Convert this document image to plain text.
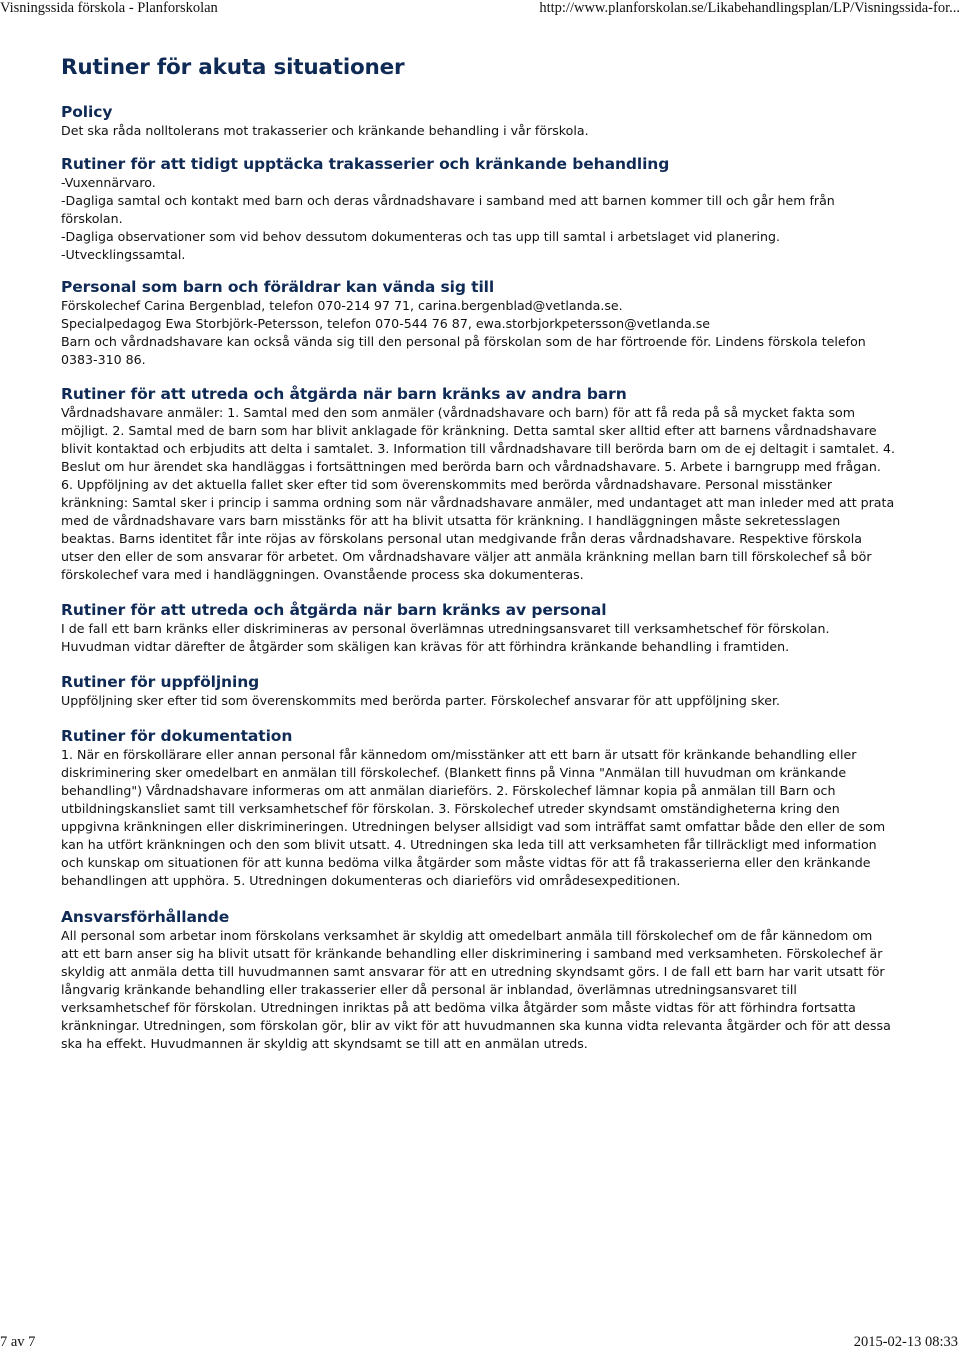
Visningssida förskola - Planforskolan	http://www.planforskolan.se/Likabehandlingsplan/LP/Visningssida-for...
Rutiner för akuta situationer
Policy

Det ska råda nolltolerans mot trakasserier och kränkande behandling i vår förskola.

Rutiner för att tidigt upptäcka trakasserier och kränkande behandling

-Vuxennärvaro.

-Dagliga samtal och kontakt med barn och deras vårdnadshavare i samband med att barnen kommer till och går hem från

förskolan.

-Dagliga observationer som vid behov dessutom dokumenteras och tas upp till samtal i arbetslaget vid planering.

-Utvecklingssamtal.

Personal som barn och föräldrar kan vända sig till

Förskolechef Carina Bergenblad, telefon 070-214 97 71, carina.bergenblad@vetlanda.se.

Specialpedagog Ewa Storbjörk-Petersson, telefon 070-544 76 87, ewa.storbjorkpetersson@vetlanda.se

Barn och vårdnadshavare kan också vända sig till den personal på förskolan som de har förtroende för. Lindens förskola telefon

0383-310 86.

Rutiner för att utreda och åtgärda när barn kränks av andra barn

Vårdnadshavare anmäler: 1. Samtal med den som anmäler (vårdnadshavare och barn) för att få reda på så mycket fakta som

möjligt. 2. Samtal med de barn som har blivit anklagade för kränkning. Detta samtal sker alltid efter att barnens vårdnadshavare

blivit kontaktad och erbjudits att delta i samtalet. 3. Information till vårdnadshavare till berörda barn om de ej deltagit i samtalet. 4.

Beslut om hur ärendet ska handläggas i fortsättningen med berörda barn och vårdnadshavare. 5. Arbete i barngrupp med frågan.

6. Uppföljning av det aktuella fallet sker efter tid som överenskommits med berörda vårdnadshavare. Personal misstänker

kränkning: Samtal sker i princip i samma ordning som när vårdnadshavare anmäler, med undantaget att man inleder med att prata

med de vårdnadshavare vars barn misstänks för att ha blivit utsatta för kränkning. I handläggningen måste sekretesslagen

beaktas. Barns identitet får inte röjas av förskolans personal utan medgivande från deras vårdnadshavare. Respektive förskola

utser den eller de som ansvarar för arbetet. Om vårdnadshavare väljer att anmäla kränkning mellan barn till förskolechef så bör

förskolechef vara med i handläggningen. Ovanstående process ska dokumenteras.

Rutiner för att utreda och åtgärda när barn kränks av personal

I de fall ett barn kränks eller diskrimineras av personal överlämnas utredningsansvaret till verksamhetschef för förskolan.

Huvudman vidtar därefter de åtgärder som skäligen kan krävas för att förhindra kränkande behandling i framtiden.

Rutiner för uppföljning

Uppföljning sker efter tid som överenskommits med berörda parter. Förskolechef ansvarar för att uppföljning sker.

Rutiner för dokumentation

1. När en förskollärare eller annan personal får kännedom om/misstänker att ett barn är utsatt för kränkande behandling eller

diskriminering sker omedelbart en anmälan till förskolechef. (Blankett finns på Vinna "Anmälan till huvudman om kränkande

behandling") Vårdnadshavare informeras om att anmälan diarieförs. 2. Förskolechef lämnar kopia på anmälan till Barn och

utbildningskansliet samt till verksamhetschef för förskolan. 3. Förskolechef utreder skyndsamt omständigheterna kring den

uppgivna kränkningen eller diskrimineringen. Utredningen belyser allsidigt vad som inträffat samt omfattar både den eller de som

kan ha utfört kränkningen och den som blivit utsatt. 4. Utredningen ska leda till att verksamheten får tillräckligt med information

och kunskap om situationen för att kunna bedöma vilka åtgärder som måste vidtas för att få trakasserierna eller den kränkande

behandlingen att upphöra. 5. Utredningen dokumenteras och diarieförs vid områdesexpeditionen.

Ansvarsförhållande

All personal som arbetar inom förskolans verksamhet är skyldig att omedelbart anmäla till förskolechef om de får kännedom om

att ett barn anser sig ha blivit utsatt för kränkande behandling eller diskriminering i samband med verksamheten. Förskolechef är

skyldig att anmäla detta till huvudmannen samt ansvarar för att en utredning skyndsamt görs. I de fall ett barn har varit utsatt för

långvarig kränkande behandling eller trakasserier eller då personal är inblandad, överlämnas utredningsansvaret till

verksamhetschef för förskolan. Utredningen inriktas på att bedöma vilka åtgärder som måste vidtas för att förhindra fortsatta

kränkningar. Utredningen, som förskolan gör, blir av vikt för att huvudmannen ska kunna vidta relevanta åtgärder och för att dessa

ska ha effekt. Huvudmannen är skyldig att skyndsamt se till att en anmälan utreds.

7 av 7	2015-02-13 08:33
